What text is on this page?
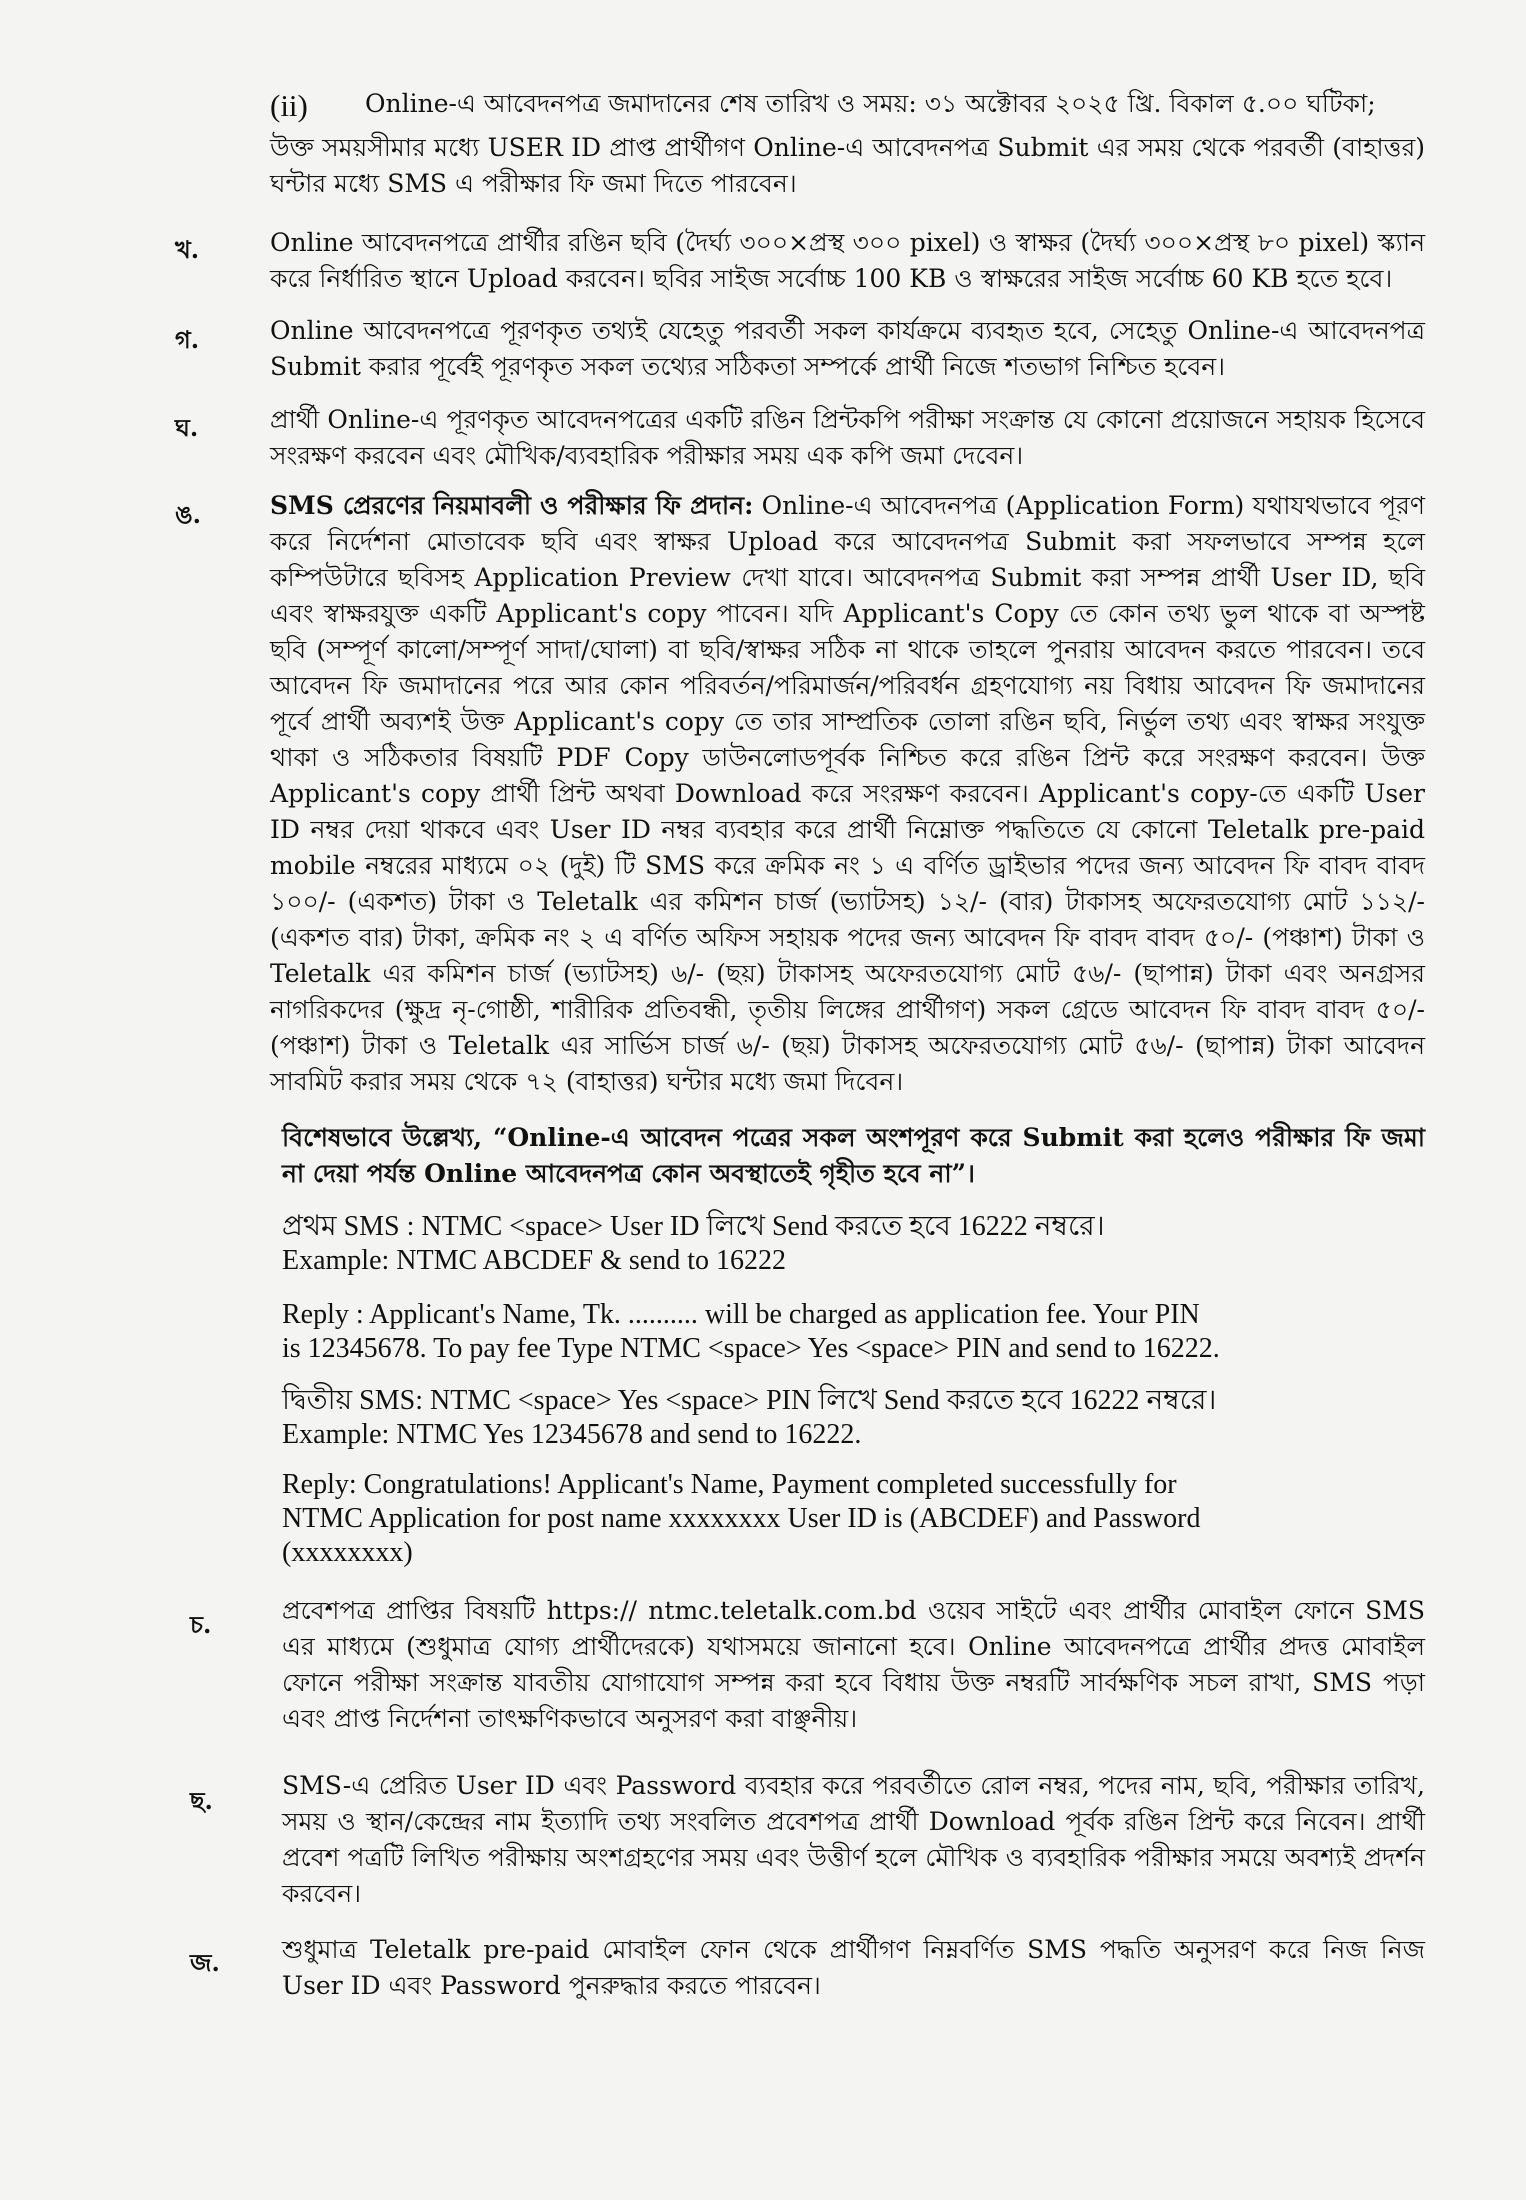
(ii)	Online-এ আবেদনপত্র জমাদানের শেষ তারিখ ও সময়: ৩১ অক্টোবর ২০২৫ খ্রি. বিকাল ৫.০০ ঘটিকা;
উক্ত সময়সীমার মধ্যে USER ID প্রাপ্ত প্রার্থীগণ Online-এ আবেদনপত্র Submit এর সময় থেকে পরবর্তী (বাহাত্তর) ঘন্টার মধ্যে SMS এ পরীক্ষার ফি জমা দিতে পারবেন।
খ.	Online আবেদনপত্রে প্রার্থীর রঙিন ছবি (দৈর্ঘ্য ৩০০×প্রস্থ ৩০০ pixel) ও স্বাক্ষর (দৈর্ঘ্য ৩০০×প্রস্থ ৮০ pixel) স্ক্যান করে নির্ধারিত স্থানে Upload করবেন। ছবির সাইজ সর্বোচ্চ 100 KB ও স্বাক্ষরের সাইজ সর্বোচ্চ 60 KB হতে হবে।
গ.	Online আবেদনপত্রে পূরণকৃত তথ্যই যেহেতু পরবর্তী সকল কার্যক্রমে ব্যবহৃত হবে, সেহেতু Online-এ আবেদনপত্র Submit করার পূর্বেই পূরণকৃত সকল তথ্যের সঠিকতা সম্পর্কে প্রার্থী নিজে শতভাগ নিশ্চিত হবেন।
ঘ.	প্রার্থী Online-এ পূরণকৃত আবেদনপত্রের একটি রঙিন প্রিন্টকপি পরীক্ষা সংক্রান্ত যে কোনো প্রয়োজনে সহায়ক হিসেবে সংরক্ষণ করবেন এবং মৌখিক/ব্যবহারিক পরীক্ষার সময় এক কপি জমা দেবেন।
ঙ.	SMS প্রেরণের নিয়মাবলী ও পরীক্ষার ফি প্রদান: Online-এ আবেদনপত্র (Application Form) যথাযথভাবে পূরণ করে নির্দেশনা মোতাবেক ছবি এবং স্বাক্ষর Upload করে আবেদনপত্র Submit করা সফলভাবে সম্পন্ন হলে কম্পিউটারে ছবিসহ Application Preview দেখা যাবে। আবেদনপত্র Submit করা সম্পন্ন প্রার্থী User ID, ছবি এবং স্বাক্ষরযুক্ত একটি Applicant's copy পাবেন। যদি Applicant's Copy তে কোন তথ্য ভুল থাকে বা অস্পষ্ট ছবি (সম্পূর্ণ কালো/সম্পূর্ণ সাদা/ঘোলা) বা ছবি/স্বাক্ষর সঠিক না থাকে তাহলে পুনরায় আবেদন করতে পারবেন। তবে আবেদন ফি জমাদানের পরে আর কোন পরিবর্তন/পরিমার্জন/পরিবর্ধন গ্রহণযোগ্য নয় বিধায় আবেদন ফি জমাদানের পূর্বে প্রার্থী অব্যশই উক্ত Applicant's copy তে তার সাম্প্রতিক তোলা রঙিন ছবি, নির্ভুল তথ্য এবং স্বাক্ষর সংযুক্ত থাকা ও সঠিকতার বিষয়টি PDF Copy ডাউনলোডপূর্বক নিশ্চিত করে রঙিন প্রিন্ট করে সংরক্ষণ করবেন। উক্ত Applicant's copy প্রার্থী প্রিন্ট অথবা Download করে সংরক্ষণ করবেন। Applicant's copy-তে একটি User ID নম্বর দেয়া থাকবে এবং User ID নম্বর ব্যবহার করে প্রার্থী নিম্নোক্ত পদ্ধতিতে যে কোনো Teletalk pre-paid mobile নম্বরের মাধ্যমে ০২ (দুই) টি SMS করে ক্রমিক নং ১ এ বর্ণিত ড্রাইভার পদের জন্য আবেদন ফি বাবদ বাবদ ১০০/- (একশত) টাকা ও Teletalk এর কমিশন চার্জ (ভ্যাটসহ) ১২/- (বার) টাকাসহ অফেরতযোগ্য মোট ১১২/- (একশত বার) টাকা, ক্রমিক নং ২ এ বর্ণিত অফিস সহায়ক পদের জন্য আবেদন ফি বাবদ বাবদ ৫০/- (পঞ্চাশ) টাকা ও Teletalk এর কমিশন চার্জ (ভ্যাটসহ) ৬/- (ছয়) টাকাসহ অফেরতযোগ্য মোট ৫৬/- (ছাপান্ন) টাকা এবং অনগ্রসর নাগরিকদের (ক্ষুদ্র নৃ-গোষ্ঠী, শারীরিক প্রতিবন্ধী, তৃতীয় লিঙ্গের প্রার্থীগণ) সকল গ্রেডে আবেদন ফি বাবদ বাবদ ৫০/- (পঞ্চাশ) টাকা ও Teletalk এর সার্ভিস চার্জ ৬/- (ছয়) টাকাসহ অফেরতযোগ্য মোট ৫৬/- (ছাপান্ন) টাকা আবেদন সাবমিট করার সময় থেকে ৭২ (বাহাত্তর) ঘন্টার মধ্যে জমা দিবেন।
বিশেষভাবে উল্লেখ্য, “Online-এ আবেদন পত্রের সকল অংশপূরণ করে Submit করা হলেও পরীক্ষার ফি জমা না দেয়া পর্যন্ত Online আবেদনপত্র কোন অবস্থাতেই গৃহীত হবে না”।
প্রথম SMS : NTMC <space> User ID লিখে Send করতে হবে 16222 নম্বরে।
Example: NTMC ABCDEF & send to 16222
Reply : Applicant's Name, Tk. .......... will be charged as application fee. Your PIN
is 12345678. To pay fee Type NTMC <space> Yes <space> PIN and send to 16222.
দ্বিতীয় SMS: NTMC <space> Yes <space> PIN লিখে Send করতে হবে 16222 নম্বরে।
Example: NTMC Yes 12345678 and send to 16222.
Reply: Congratulations! Applicant's Name, Payment completed successfully for
NTMC Application for post name xxxxxxxx User ID is (ABCDEF) and Password
(xxxxxxxx)
চ.	প্রবেশপত্র প্রাপ্তির বিষয়টি https:// ntmc.teletalk.com.bd ওয়েব সাইটে এবং প্রার্থীর মোবাইল ফোনে SMS এর মাধ্যমে (শুধুমাত্র যোগ্য প্রার্থীদেরকে) যথাসময়ে জানানো হবে। Online আবেদনপত্রে প্রার্থীর প্রদত্ত মোবাইল ফোনে পরীক্ষা সংক্রান্ত যাবতীয় যোগাযোগ সম্পন্ন করা হবে বিধায় উক্ত নম্বরটি সার্বক্ষণিক সচল রাখা, SMS পড়া এবং প্রাপ্ত নির্দেশনা তাৎক্ষণিকভাবে অনুসরণ করা বাঞ্ছনীয়।
ছ.
SMS-এ প্রেরিত User ID এবং Password ব্যবহার করে পরবর্তীতে রোল নম্বর, পদের নাম, ছবি, পরীক্ষার তারিখ, সময় ও স্থান/কেন্দ্রের নাম ইত্যাদি তথ্য সংবলিত প্রবেশপত্র প্রার্থী Download পূর্বক রঙিন প্রিন্ট করে নিবেন। প্রার্থী প্রবেশ পত্রটি লিখিত পরীক্ষায় অংশগ্রহণের সময় এবং উত্তীর্ণ হলে মৌখিক ও ব্যবহারিক পরীক্ষার সময়ে অবশ্যই প্রদর্শন করবেন।
জ. শুধুমাত্র Teletalk pre-paid মোবাইল ফোন থেকে প্রার্থীগণ নিম্নবর্ণিত SMS পদ্ধতি অনুসরণ করে নিজ নিজ User ID এবং Password পুনরুদ্ধার করতে পারবেন।
